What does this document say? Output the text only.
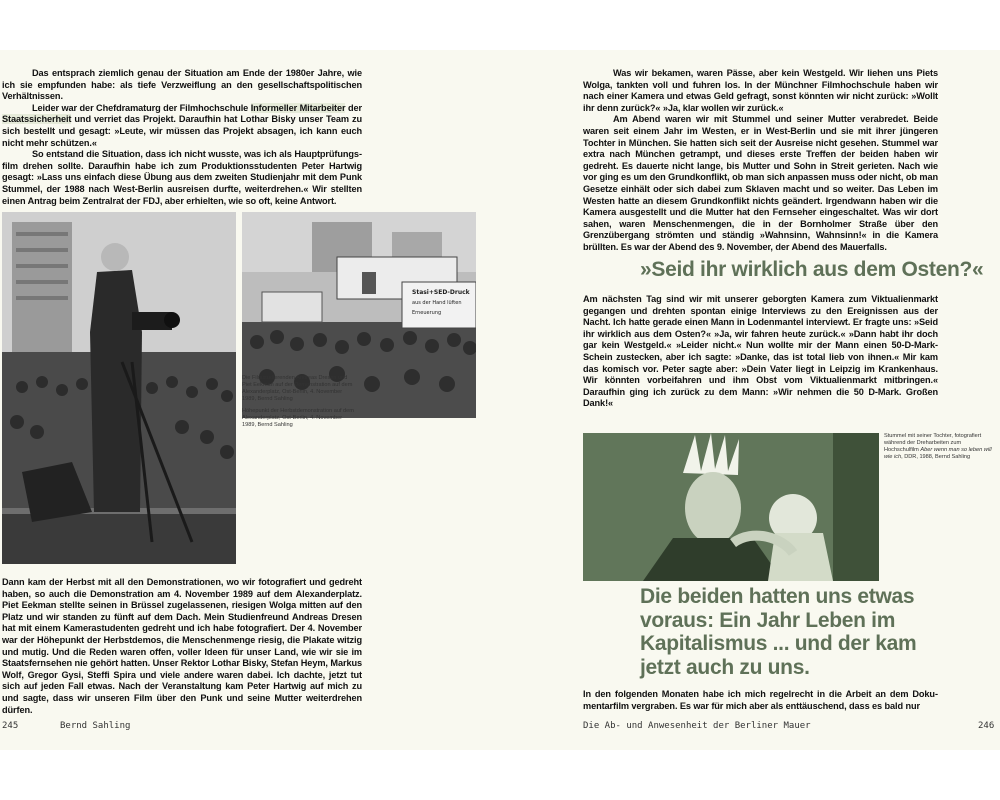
Das entsprach ziemlich genau der Situation am Ende der 1980er Jahre, wie ich sie empfunden habe: als tiefe Verzweiflung an den gesellschaftspolitischen Verhältnissen.

Leider war der Chefdramaturg der Filmhochschule Informeller Mitarbeiter der Staatssicherheit und verriet das Projekt. Daraufhin hat Lothar Bisky unser Team zu sich bestellt und gesagt: »Leute, wir müssen das Projekt absagen, ich kann euch nicht mehr schützen.«

So entstand die Situation, dass ich nicht wusste, was ich als Hauptprüfungsfilm drehen sollte. Daraufhin habe ich zum Produktionsstudenten Peter Hartwig gesagt: »Lass uns einfach diese Übung aus dem zweiten Studienjahr mit dem Punk Stummel, der 1988 nach West-Berlin ausreisen durfte, weiterdrehen.« Wir stellten einen Antrag beim Zentralrat der FDJ, aber erhielten, wie so oft, keine Antwort.

Stasi+SED-Druck
aus der Hand lüften
Erneuerung

Die Filmstudierenden Andreas Dresen und Piet Eekman auf der Demonstration auf dem Alexanderplatz, Ost-Berlin, 4. November 1989, Bernd Sahling

Höhepunkt der Herbstdemonstration auf dem Alexanderplatz, Ost-Berlin, 4. November 1989, Bernd Sahling

Dann kam der Herbst mit all den Demonstrationen, wo wir fotografiert und gedreht haben, so auch die Demonstration am 4. November 1989 auf dem Alexanderplatz. Piet Eekman stellte seinen in Brüssel zugelassenen, riesigen Wolga mitten auf den Platz und wir standen zu fünft auf dem Dach. Mein Studienfreund Andreas Dresen hat mit einem Kamerastudenten gedreht und ich habe fotografiert. Der 4. November war der Höhepunkt der Herbstdemos, die Menschenmenge riesig, die Plakate witzig und mutig. Und die Reden waren offen, voller Ideen für unser Land, wie wir sie im Staatsfernsehen nie gehört hatten. Unser Rektor Lothar Bisky, Stefan Heym, Markus Wolf, Gregor Gysi, Steffi Spira und viele andere waren dabei. Ich dachte, jetzt tut sich auf jeden Fall etwas. Nach der Veranstaltung kam Peter Hartwig auf mich zu und sagte, dass wir unseren Film über den Punk und seine Mutter weiterdrehen dürfen.

245	Bernd Sahling

Was wir bekamen, waren Pässe, aber kein Westgeld. Wir liehen uns Piets Wolga, tankten voll und fuhren los. In der Münchner Filmhochschule haben wir nach einer Kamera und etwas Geld gefragt, sonst könnten wir nicht zurück: »Wollt ihr denn zurück?« »Ja, klar wollen wir zurück.«

Am Abend waren wir mit Stummel und seiner Mutter verabredet. Beide waren seit einem Jahr im Westen, er in West-Berlin und sie mit ihrer jüngeren Tochter in München. Sie hatten sich seit der Ausreise nicht gesehen. Stummel war extra nach München getrampt, und dieses erste Treffen der beiden haben wir gedreht. Es dauerte nicht lange, bis Mutter und Sohn in Streit gerieten. Nach wie vor ging es um den Grundkonflikt, ob man sich anpassen muss oder nicht, ob man Gesetze einhält oder sich dabei zum Sklaven macht und so weiter. Das Leben im Westen hatte an diesem Grundkonflikt nichts geändert. Irgendwann haben wir die Kamera ausgestellt und die Mutter hat den Fernseher eingeschaltet. Was wir dort sahen, waren Menschenmengen, die in der Bornholmer Straße über den Grenzübergang strömten und ständig »Wahnsinn, Wahnsinn!« in die Kamera brüllten. Es war der Abend des 9. November, der Abend des Mauerfalls.

»Seid ihr wirklich aus dem Osten?«

Am nächsten Tag sind wir mit unserer geborgten Kamera zum Viktualienmarkt gegangen und drehten spontan einige Interviews zu den Ereignissen aus der Nacht. Ich hatte gerade einen Mann in Lodenmantel interviewt. Er fragte uns: »Seid ihr wirklich aus dem Osten?« »Ja, wir fahren heute zurück.« »Dann habt ihr doch gar kein Westgeld.« »Leider nicht.« Nun wollte mir der Mann einen 50-D-Mark-Schein zustecken, aber ich sagte: »Danke, das ist total lieb von ihnen.« Mir kam das komisch vor. Peter sagte aber: »Dein Vater liegt in Leipzig im Krankenhaus. Wir könnten vorbeifahren und ihm Obst vom Viktualienmarkt mitbringen.« Daraufhin ging ich zurück zu dem Mann: »Wir nehmen die 50 D-Mark. Großen Dank!«

Stummel mit seiner Tochter, fotografiert während der Dreharbeiten zum Hochschulfilm Aber wenn man so leben will wie ich, DDR, 1988, Bernd Sahling

Die beiden hatten uns etwas voraus: Ein Jahr Leben im Kapitalismus ... und der kam jetzt auch zu uns.

In den folgenden Monaten habe ich mich regelrecht in die Arbeit an dem Dokumentarfilm vergraben. Es war für mich aber als enttäuschend, dass es bald nur

Die Ab- und Anwesenheit der Berliner Mauer	246
